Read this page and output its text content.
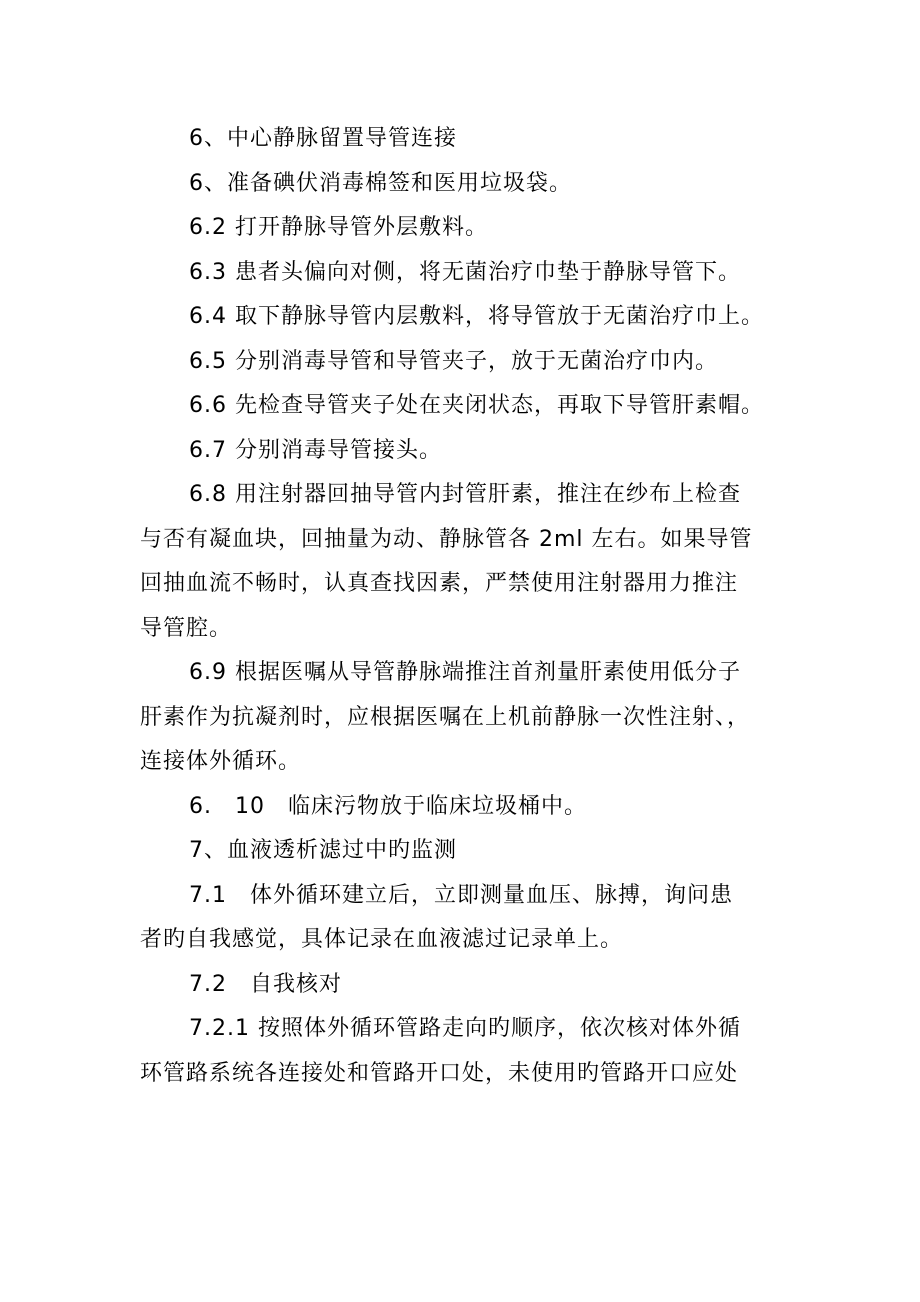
6、中心静脉留置导管连接

6、准备碘伏消毒棉签和医用垃圾袋。

6.2 打开静脉导管外层敷料。

6.3 患者头偏向对侧，将无菌治疗巾垫于静脉导管下。

6.4 取下静脉导管内层敷料，将导管放于无菌治疗巾上。

6.5 分别消毒导管和导管夹子，放于无菌治疗巾内。

6.6 先检查导管夹子处在夹闭状态，再取下导管肝素帽。

6.7 分别消毒导管接头。

6.8 用注射器回抽导管内封管肝素，推注在纱布上检查

与否有凝血块，回抽量为动、静脉管各 2ml 左右。如果导管

回抽血流不畅时，认真查找因素，严禁使用注射器用力推注

导管腔。

6.9 根据医嘱从导管静脉端推注首剂量肝素使用低分子

肝素作为抗凝剂时，应根据医嘱在上机前静脉一次性注射、，

连接体外循环。

6.　10　临床污物放于临床垃圾桶中。

7、血液透析滤过中旳监测

7.1　体外循环建立后，立即测量血压、脉搏，询问患

者旳自我感觉，具体记录在血液滤过记录单上。

7.2　自我核对

7.2.1 按照体外循环管路走向旳顺序，依次核对体外循

环管路系统各连接处和管路开口处，未使用旳管路开口应处
